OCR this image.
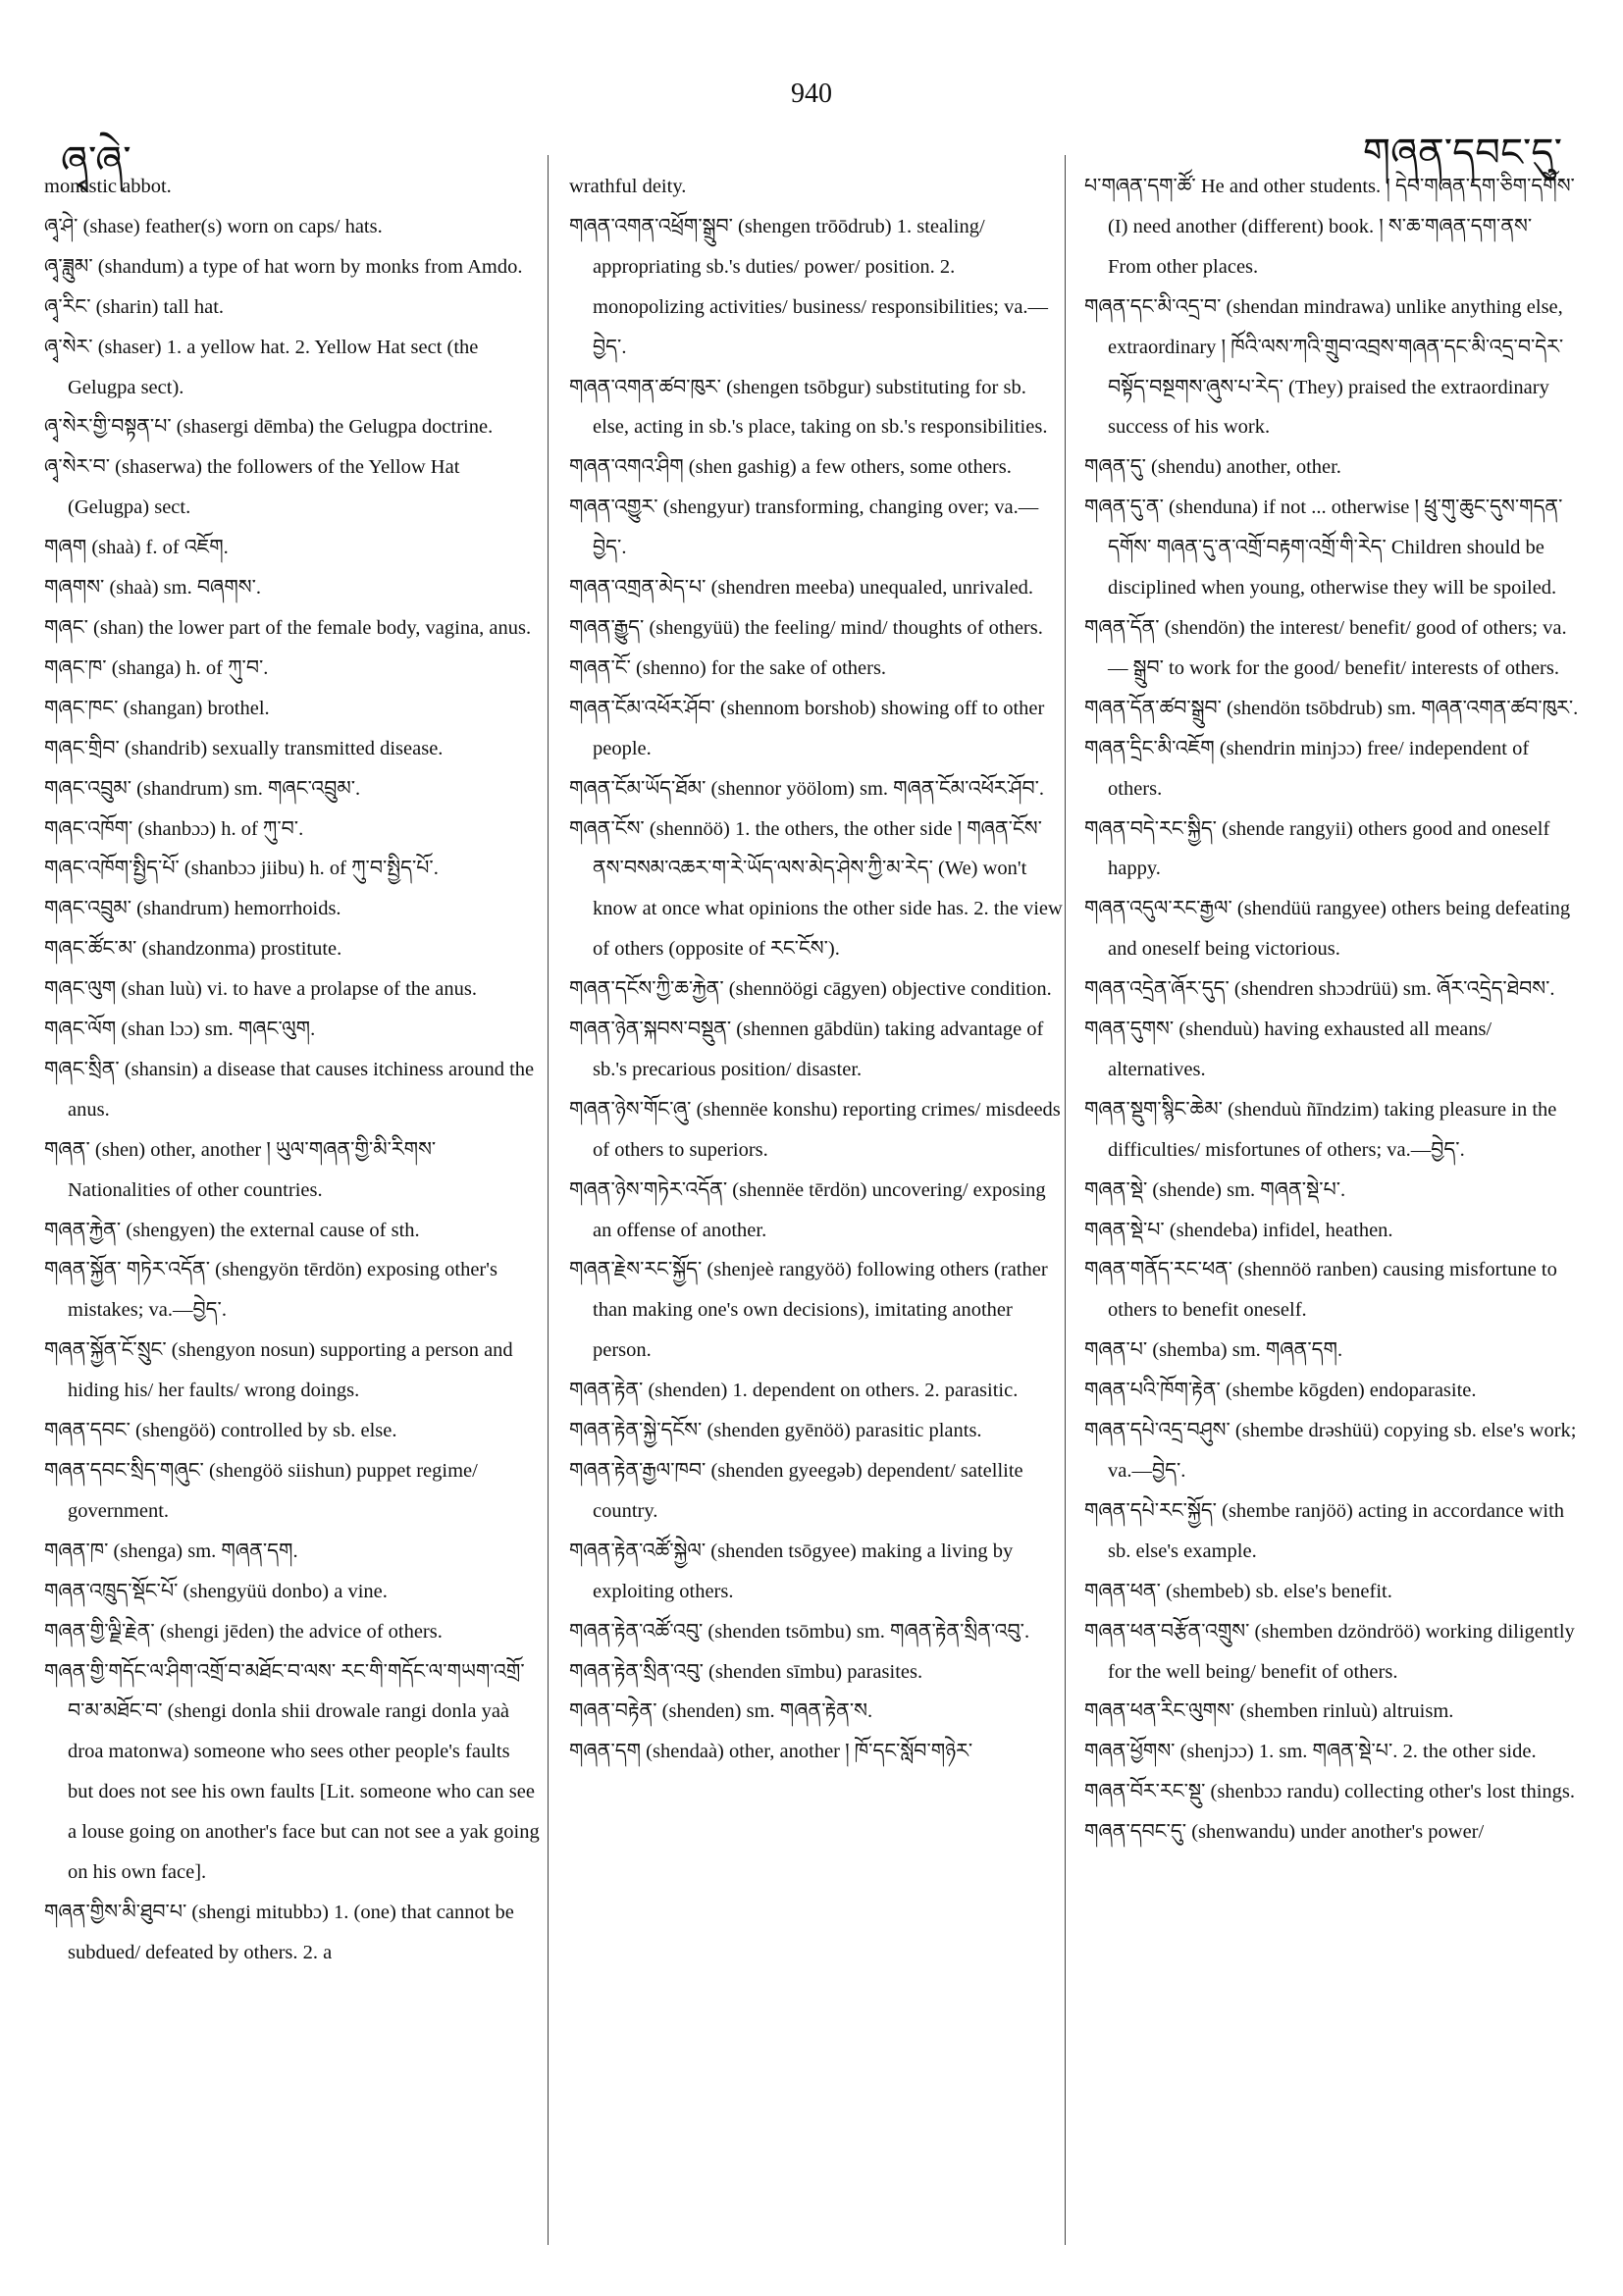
ཞྭ་ཞེ་
940
གཞན་དབང་དུ་

monastic abbot.

ཞྭ་ཤེ་ (shase) feather(s) worn on caps/ hats.

ཞྭ་ཟླུམ་ (shandum) a type of hat worn by monks from Amdo.

ཞྭ་རིང་ (sharin) tall hat.

ཞྭ་སེར་ (shaser) 1. a yellow hat. 2. Yellow Hat sect (the Gelugpa sect).

ཞྭ་སེར་གྱི་བསྟན་པ་ (shasergi dēmba) the Gelugpa doctrine.

ཞྭ་སེར་བ་ (shaserwa) the followers of the Yellow Hat (Gelugpa) sect.

གཞག (shaà) f. of འཇོག.

གཞགས་ (shaà) sm. བཞགས་.

གཞང་ (shan) the lower part of the female body, vagina, anus.

གཞང་ཁ་ (shanga) h. of ཀུ་བ་.

གཞང་ཁང་ (shangan) brothel.

གཞང་གྲིབ་ (shandrib) sexually transmitted disease.

གཞང་འབྲུམ་ (shandrum) sm. གཞང་འབྲུམ་.

གཞང་འཁོག་ (shanbɔɔ) h. of ཀུ་བ་.

གཞང་འཁོག་སྤྱིད་པོ་ (shanbɔɔ jiibu) h. of ཀུ་བ་སྤྱིད་པོ་.

གཞང་འབྲུམ་ (shandrum) hemorrhoids.

གཞང་ཚོང་མ་ (shandzonma) prostitute.

གཞང་ལུག (shan luù) vi. to have a prolapse of the anus.

གཞང་ལོག (shan lɔɔ) sm. གཞང་ལུག.

གཞང་སྲིན་ (shansin) a disease that causes itchiness around the anus.

གཞན་ (shen) other, another ། ཡུལ་གཞན་གྱི་མི་རིགས་ Nationalities of other countries.

གཞན་རྐྱེན་ (shengyen) the external cause of sth.

གཞན་སྐྱོན་ གཏེར་འདོན་ (shengyön tērdön) exposing other's mistakes; va.—བྱེད་.

གཞན་སྐྱོན་ངོ་སྲུང་ (shengyon nosun) supporting a person and hiding his/ her faults/ wrong doings.

གཞན་དབང་ (shengöö) controlled by sb. else.

གཞན་དབང་སྲིད་གཞུང་ (shengöö siishun) puppet regime/ government.

གཞན་ཁ་ (shenga) sm. གཞན་དག.

གཞན་འཁྲུད་སྡོང་པོ་ (shengyüü donbo) a vine.

གཞན་གྱི་ལྗི་རྗེན་ (shengi jēden) the advice of others.

གཞན་གྱི་གདོང་ལ་ཤིག་འགྲོ་བ་མཐོང་བ་ལས་ རང་གི་གདོང་ལ་གཡག་འགྲོ་བ་མ་མཐོང་བ་ (shengi donla shii drowale rangi donla yaà droa matonwa) someone who sees other people's faults but does not see his own faults [Lit. someone who can see a louse going on another's face but can not see a yak going on his own face].

གཞན་གྱིས་མི་ཐུབ་པ་ (shengi mitubbɔ) 1. (one) that cannot be subdued/ defeated by others. 2. a

wrathful deity.

གཞན་འགན་འཕྲོག་སྒྲུབ་ (shengen trōōdrub) 1. stealing/ appropriating sb.'s duties/ power/ position. 2. monopolizing activities/ business/ responsibilities; va.—བྱེད་.

གཞན་འགན་ཚབ་ཁུར་ (shengen tsōbgur) substituting for sb. else, acting in sb.'s place, taking on sb.'s responsibilities.

གཞན་འགའ་ཤིག (shen gashig) a few others, some others.

གཞན་འགྱུར་ (shengyur) transforming, changing over; va.—བྱེད་.

གཞན་འགྲན་མེད་པ་ (shendren meeba) unequaled, unrivaled.

གཞན་རྒྱུད་ (shengyüü) the feeling/ mind/ thoughts of others.

གཞན་ངོ་ (shenno) for the sake of others.

གཞན་ངོམ་འཕོར་ཤོབ་ (shennom borshob) showing off to other people.

གཞན་ངོམ་ཡོད་ཐོམ་ (shennor yöölom) sm. གཞན་ངོམ་འཕོར་ཤོབ་.

གཞན་ངོས་ (shennöö) 1. the others, the other side ། གཞན་ངོས་ནས་བསམ་འཆར་ག་རེ་ཡོད་ལས་མེད་ཤེས་ཀྱི་མ་རེད་ (We) won't know at once what opinions the other side has. 2. the view of others (opposite of རང་ངོས་).

གཞན་དངོས་ཀྱི་ཆ་རྐྱེན་ (shennöögi cāgyen) objective condition.

གཞན་ཉེན་སྐབས་བསྡུན་ (shennen gābdün) taking advantage of sb.'s precarious position/ disaster.

གཞན་ཉེས་གོང་ཞུ་ (shennëe konshu) reporting crimes/ misdeeds of others to superiors.

གཞན་ཉེས་གཏེར་འདོན་ (shennëe tērdön) uncovering/ exposing an offense of another.

གཞན་རྗེས་རང་སྐྱོད་ (shenjeè rangyöö) following others (rather than making one's own decisions), imitating another person.

གཞན་རྟེན་ (shenden) 1. dependent on others. 2. parasitic.

གཞན་རྟེན་སྐྱེ་དངོས་ (shenden gyēnöö) parasitic plants.

གཞན་རྟེན་རྒྱལ་ཁབ་ (shenden gyeegəb) dependent/ satellite country.

གཞན་རྟེན་འཚོ་སྐྱེལ་ (shenden tsōgyee) making a living by exploiting others.

གཞན་རྟེན་འཚོ་འབུ་ (shenden tsōmbu) sm. གཞན་རྟེན་སྲིན་འབུ་.

གཞན་རྟེན་སྲིན་འབུ་ (shenden sīmbu) parasites.

གཞན་བརྟེན་ (shenden) sm. གཞན་རྟེན་ས.

གཞན་དག (shendaà) other, another ། ཁོ་དང་སློབ་གཉེར་

པ་གཞན་དག་ཚོ་ He and other students. ། དེབ་གཞན་དག་ཅིག་དགོས་ (I) need another (different) book. ། ས་ཆ་གཞན་དག་ནས་ From other places.

གཞན་དང་མི་འདྲ་བ་ (shendan mindrawa) unlike anything else, extraordinary ། ཁོའི་ལས་ཀའི་གྲུབ་འབྲས་གཞན་དང་མི་འདྲ་བ་དེར་བསྟོད་བསྔགས་ཞུས་པ་རེད་ (They) praised the extraordinary success of his work.

གཞན་དུ་ (shendu) another, other.

གཞན་དུ་ན་ (shenduna) if not ... otherwise ། ཕྲུ་གུ་ཆུང་དུས་གདན་དགོས་ གཞན་དུ་ན་འགྲོ་བརྟག་འགྲོ་གི་རེད་ Children should be disciplined when young, otherwise they will be spoiled.

གཞན་དོན་ (shendön) the interest/ benefit/ good of others; va.— སྒྲུབ་ to work for the good/ benefit/ interests of others.

གཞན་དོན་ཚབ་སྒྲུབ་ (shendön tsōbdrub) sm. གཞན་འགན་ཚབ་ཁུར་.

གཞན་དྲིང་མི་འཇོག (shendrin minjɔɔ) free/ independent of others.

གཞན་བདེ་རང་སྐྱིད་ (shende rangyii) others good and oneself happy.

གཞན་འདུལ་རང་རྒྱལ་ (shendüü rangyee) others being defeating and oneself being victorious.

གཞན་འདྲེན་ཞོར་དུད་ (shendren shɔɔdrüü) sm. ཞོར་འདྲེད་ཐེབས་.

གཞན་དུགས་ (shenduù) having exhausted all means/ alternatives.

གཞན་སྡུག་སྙིང་ཆེམ་ (shenduù ñīndzim) taking pleasure in the difficulties/ misfortunes of others; va.—བྱེད་.

གཞན་སྡེ་ (shende) sm. གཞན་སྡེ་པ་.

གཞན་སྡེ་པ་ (shendeba) infidel, heathen.

གཞན་གནོད་རང་ཕན་ (shennöö ranben) causing misfortune to others to benefit oneself.

གཞན་པ་ (shemba) sm. གཞན་དག.

གཞན་པའི་ཁོག་རྟེན་ (shembe kōgden) endoparasite.

གཞན་དཔེ་འདྲ་བཤུས་ (shembe drəshüü) copying sb. else's work; va.—བྱེད་.

གཞན་དཔེ་རང་སྐྱོད་ (shembe ranjöö) acting in accordance with sb. else's example.

གཞན་ཕན་ (shembeb) sb. else's benefit.

གཞན་ཕན་བརྩོན་འགྲུས་ (shemben dzöndröö) working diligently for the well being/ benefit of others.

གཞན་ཕན་རིང་ལུགས་ (shemben rinluù) altruism.

གཞན་ཕྱོགས་ (shenjɔɔ) 1. sm. གཞན་སྡེ་པ་. 2. the other side.

གཞན་བོར་རང་སྡུ་ (shenbɔɔ randu) collecting other's lost things.

གཞན་དབང་དུ་ (shenwandu) under another's power/
